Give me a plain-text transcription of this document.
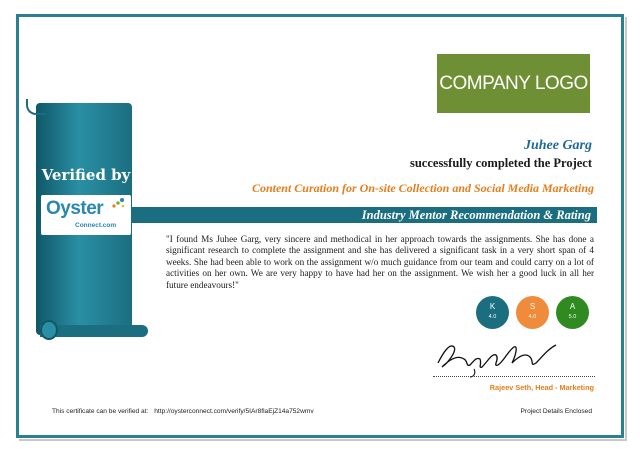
Verified by
Oyster
Connect.com
COMPANY LOGO
Juhee Garg
successfully completed the Project
Content Curation for On-site Collection and Social Media Marketing
Industry Mentor Recommendation & Rating
"I found Ms Juhee Garg, very sincere and methodical in her approach towards the assignments. She has done a significant research to complete the assignment and she has delivered a significant task in a very short span of 4 weeks. She had been able to work on the assignment w/o much guidance from our team and could carry on a lot of activities on her own. We are very happy to have had her on the assignment. We wish her a good luck in all her future endeavours!"
K
4.0
S
4.0
A
5.0
Rajeev Seth, Head - Marketing
This certificate can be verified at: http://oysterconnect.com/verify/5IAr8flaEjZ14a752wmv	Project Details Enclosed
